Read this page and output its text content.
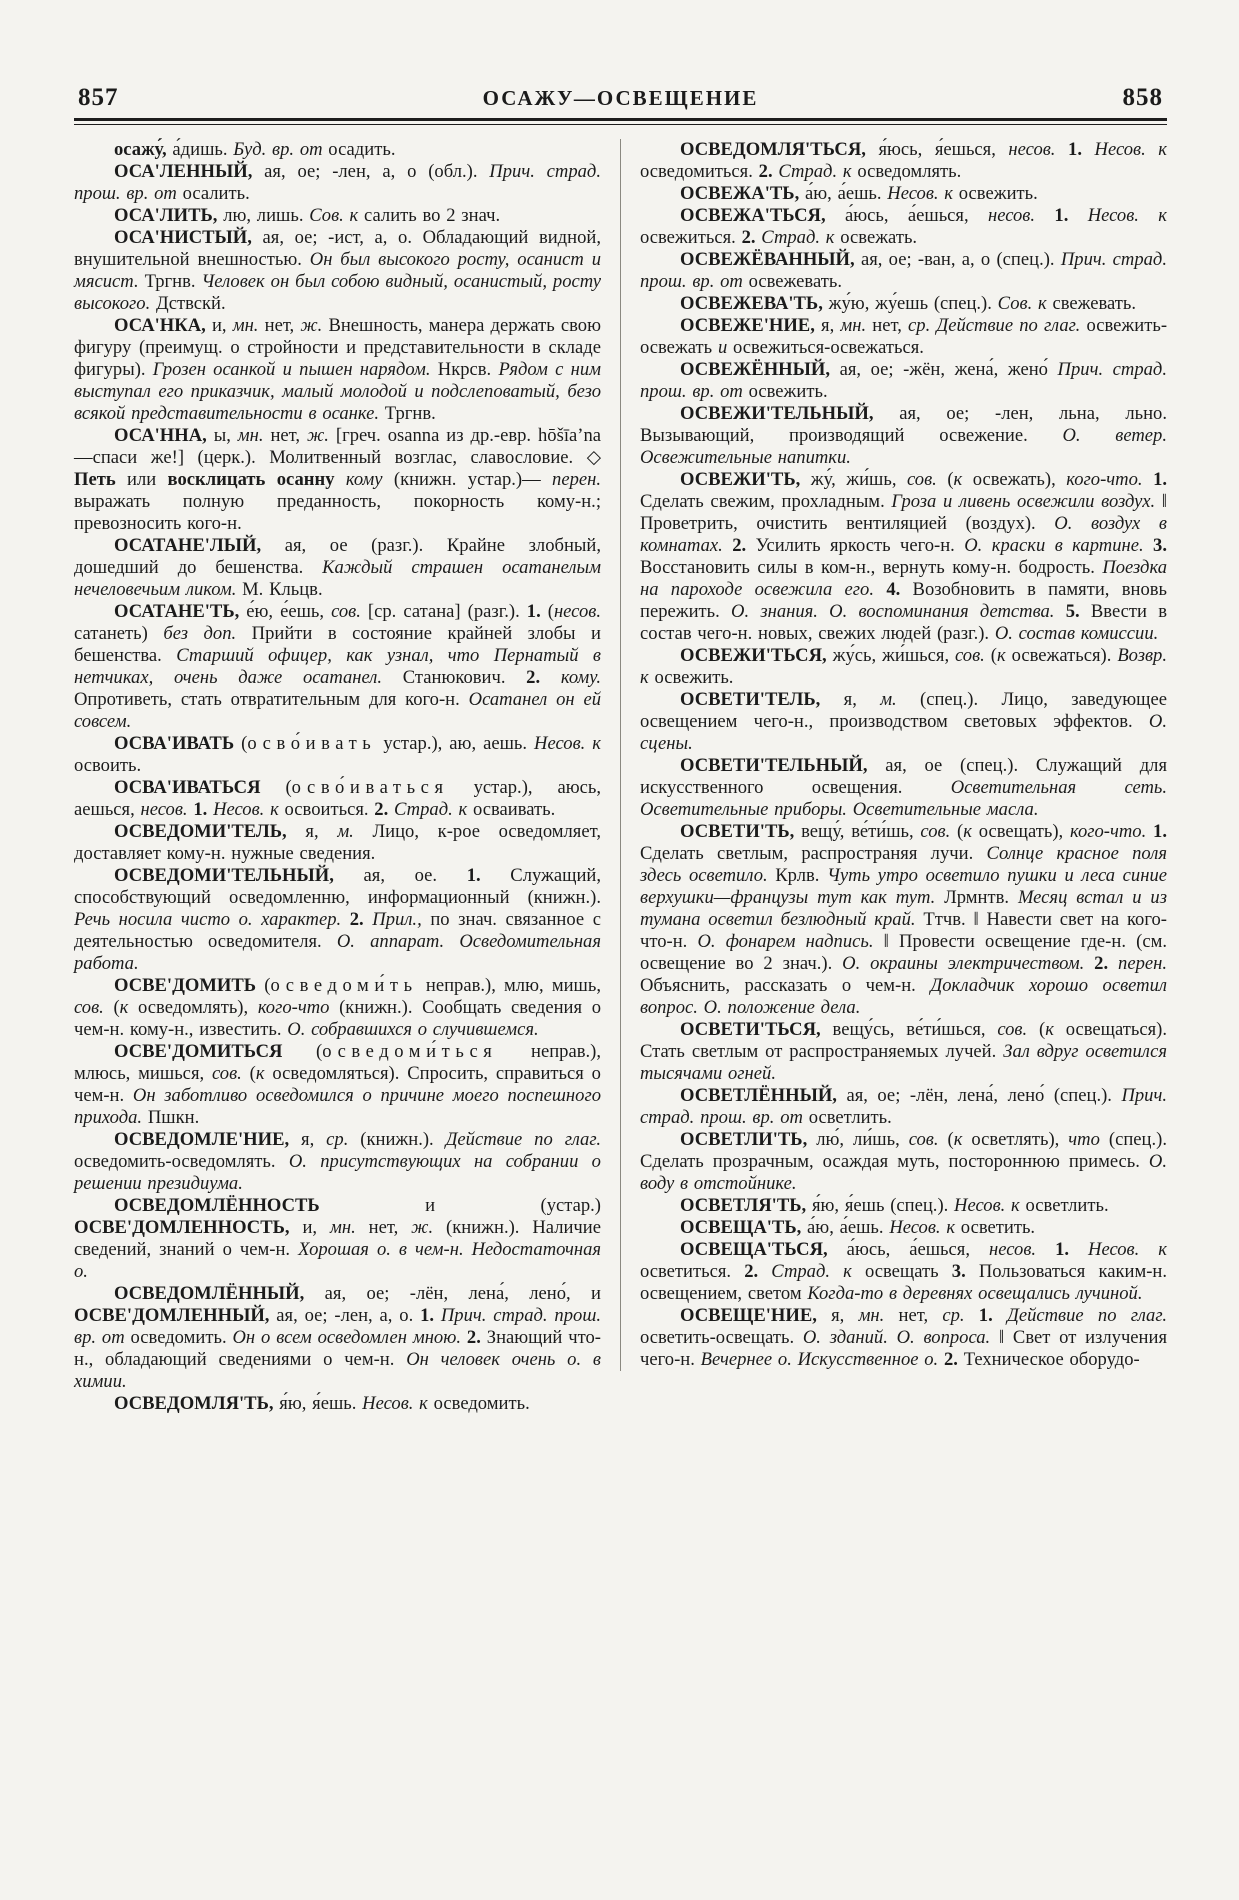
857	ОСАЖУ—ОСВЕЩЕНИЕ	858

осажу́, а́дишь. Буд. вр. от осадить.

ОСА'ЛЕННЫЙ, ая, ое; -лен, а, о (обл.). Прич. страд. прош. вр. от осалить.

ОСА'ЛИТЬ, лю, лишь. Сов. к салить во 2 знач.

ОСА'НИСТЫЙ, ая, ое; -ист, а, о. Обладающий видной, внушительной внешностью. Он был высокого росту, осанист и мясист. Тргнв. Человек он был собою видный, осанистый, росту высокого. Дствскй.

ОСА'НКА, и, мн. нет, ж. Внешность, манера держать свою фигуру (преимущ. о стройности и представительности в складе фигуры). Грозен осанкой и пышен нарядом. Нкрсв. Рядом с ним выступал его приказчик, малый молодой и подслеповатый, безо всякой представительности в осанке. Тргнв.

ОСА'ННА, ы, мн. нет, ж. [греч. osanna из др.-евр. hōšīa’na—спаси же!] (церк.). Молитвенный возглас, славословие. ◇ Петь или восклицать осанну кому (книжн. устар.)— перен. выражать полную преданность, покорность кому-н.; превозносить кого-н.

ОСАТАНЕ'ЛЫЙ, ая, ое (разг.). Крайне злобный, дошедший до бешенства. Каждый страшен осатанелым нечеловечьим ликом. М. Кльцв.

ОСАТАНЕ'ТЬ, е́ю, е́ешь, сов. [ср. сатана] (разг.). 1. (несов. сатанеть) без доп. Прийти в состояние крайней злобы и бешенства. Старший офицер, как узнал, что Пернатый в нетчиках, очень даже осатанел. Станюкович. 2. кому. Опротиветь, стать отвратительным для кого-н. Осатанел он ей совсем.

ОСВА'ИВАТЬ (осво́ивать устар.), аю, аешь. Несов. к освоить.

ОСВА'ИВАТЬСЯ (осво́иваться устар.), аюсь, аешься, несов. 1. Несов. к освоиться. 2. Страд. к осваивать.

ОСВЕДОМИ'ТЕЛЬ, я, м. Лицо, к-рое осведомляет, доставляет кому-н. нужные сведения.

ОСВЕДОМИ'ТЕЛЬНЫЙ, ая, ое. 1. Служащий, способствующий осведомленню, информационный (книжн.). Речь носила чисто о. характер. 2. Прил., по знач. связанное с деятельностью осведомителя. О. аппарат. Осведомительная работа.

ОСВЕ'ДОМИТЬ (осведоми́ть неправ.), млю, мишь, сов. (к осведомлять), кого-что (книжн.). Сообщать сведения о чем-н. кому-н., известить. О. собравшихся о случившемся.

ОСВЕ'ДОМИТЬСЯ (осведоми́ться неправ.), млюсь, мишься, сов. (к осведомляться). Спросить, справиться о чем-н. Он заботливо осведомился о причине моего поспешного прихода. Пшкн.

ОСВЕДОМЛЕ'НИЕ, я, ср. (книжн.). Действие по глаг. осведомить-осведомлять. О. присутствующих на собрании о решении президиума.

ОСВЕДОМЛЁННОСТЬ и (устар.) ОСВЕ'ДОМЛЕННОСТЬ, и, мн. нет, ж. (книжн.). Наличие сведений, знаний о чем-н. Хорошая о. в чем-н. Недостаточная о.

ОСВЕДОМЛЁННЫЙ, ая, ое; -лён, лена́, лено́, и ОСВЕ'ДОМЛЕННЫЙ, ая, ое; -лен, а, о. 1. Прич. страд. прош. вр. от осведомить. Он о всем осведомлен мною. 2. Знающий что-н., обладающий сведениями о чем-н. Он человек очень о. в химии.

ОСВЕДОМЛЯ'ТЬ, я́ю, я́ешь. Несов. к осведомить.

ОСВЕДОМЛЯ'ТЬСЯ, я́юсь, я́ешься, несов. 1. Несов. к осведомиться. 2. Страд. к осведомлять.

ОСВЕЖА'ТЬ, а́ю, а́ешь. Несов. к освежить.

ОСВЕЖА'ТЬСЯ, а́юсь, а́ешься, несов. 1. Несов. к освежиться. 2. Страд. к освежать.

ОСВЕЖЁВАННЫЙ, ая, ое; -ван, а, о (спец.). Прич. страд. прош. вр. от освежевать.

ОСВЕЖЕВА'ТЬ, жу́ю, жу́ешь (спец.). Сов. к свежевать.

ОСВЕЖЕ'НИЕ, я, мн. нет, ср. Действие по глаг. освежить-освежать и освежиться-освежаться.

ОСВЕЖЁННЫЙ, ая, ое; -жён, жена́, жено́ Прич. страд. прош. вр. от освежить.

ОСВЕЖИ'ТЕЛЬНЫЙ, ая, ое; -лен, льна, льно. Вызывающий, производящий освежение. О. ветер. Освежительные напитки.

ОСВЕЖИ'ТЬ, жу́, жи́шь, сов. (к освежать), кого-что. 1. Сделать свежим, прохладным. Гроза и ливень освежили воздух. ‖ Проветрить, очистить вентиляцией (воздух). О. воздух в комнатах. 2. Усилить яркость чего-н. О. краски в картине. 3. Восстановить силы в ком-н., вернуть кому-н. бодрость. Поездка на пароходе освежила его. 4. Возобновить в памяти, вновь пережить. О. знания. О. воспоминания детства. 5. Ввести в состав чего-н. новых, свежих людей (разг.). О. состав комиссии.

ОСВЕЖИ'ТЬСЯ, жу́сь, жи́шься, сов. (к освежаться). Возвр. к освежить.

ОСВЕТИ'ТЕЛЬ, я, м. (спец.). Лицо, заведующее освещением чего-н., производством световых эффектов. О. сцены.

ОСВЕТИ'ТЕЛЬНЫЙ, ая, ое (спец.). Служащий для искусственного освещения. Осветительная сеть. Осветительные приборы. Осветительные масла.

ОСВЕТИ'ТЬ, вещу́, ве́ти́шь, сов. (к освещать), кого-что. 1. Сделать светлым, распространяя лучи. Солнце красное поля здесь осветило. Крлв. Чуть утро осветило пушки и леса синие верхушки—французы тут как тут. Лрмнтв. Месяц встал и из тумана осветил безлюдный край. Ттчв. ‖ Навести свет на кого-что-н. О. фонарем надпись. ‖ Провести освещение где-н. (см. освещение во 2 знач.). О. окраины электричеством. 2. перен. Объяснить, рассказать о чем-н. Докладчик хорошо осветил вопрос. О. положение дела.

ОСВЕТИ'ТЬСЯ, вещу́сь, ве́ти́шься, сов. (к освещаться). Стать светлым от распространяемых лучей. Зал вдруг осветился тысячами огней.

ОСВЕТЛЁННЫЙ, ая, ое; -лён, лена́, лено́ (спец.). Прич. страд. прош. вр. от осветлить.

ОСВЕТЛИ'ТЬ, лю́, ли́шь, сов. (к осветлять), что (спец.). Сделать прозрачным, осаждая муть, постороннюю примесь. О. воду в отстойнике.

ОСВЕТЛЯ'ТЬ, я́ю, я́ешь (спец.). Несов. к осветлить.

ОСВЕЩА'ТЬ, а́ю, а́ешь. Несов. к осветить.

ОСВЕЩА'ТЬСЯ, а́юсь, а́ешься, несов. 1. Несов. к осветиться. 2. Страд. к освещать 3. Пользоваться каким-н. освещением, светом Когда-то в деревнях освещались лучиной.

ОСВЕЩЕ'НИЕ, я, мн. нет, ср. 1. Действие по глаг. осветить-освещать. О. зданий. О. вопроса. ‖ Свет от излучения чего-н. Вечернее о. Искусственное о. 2. Техническое оборудо-
